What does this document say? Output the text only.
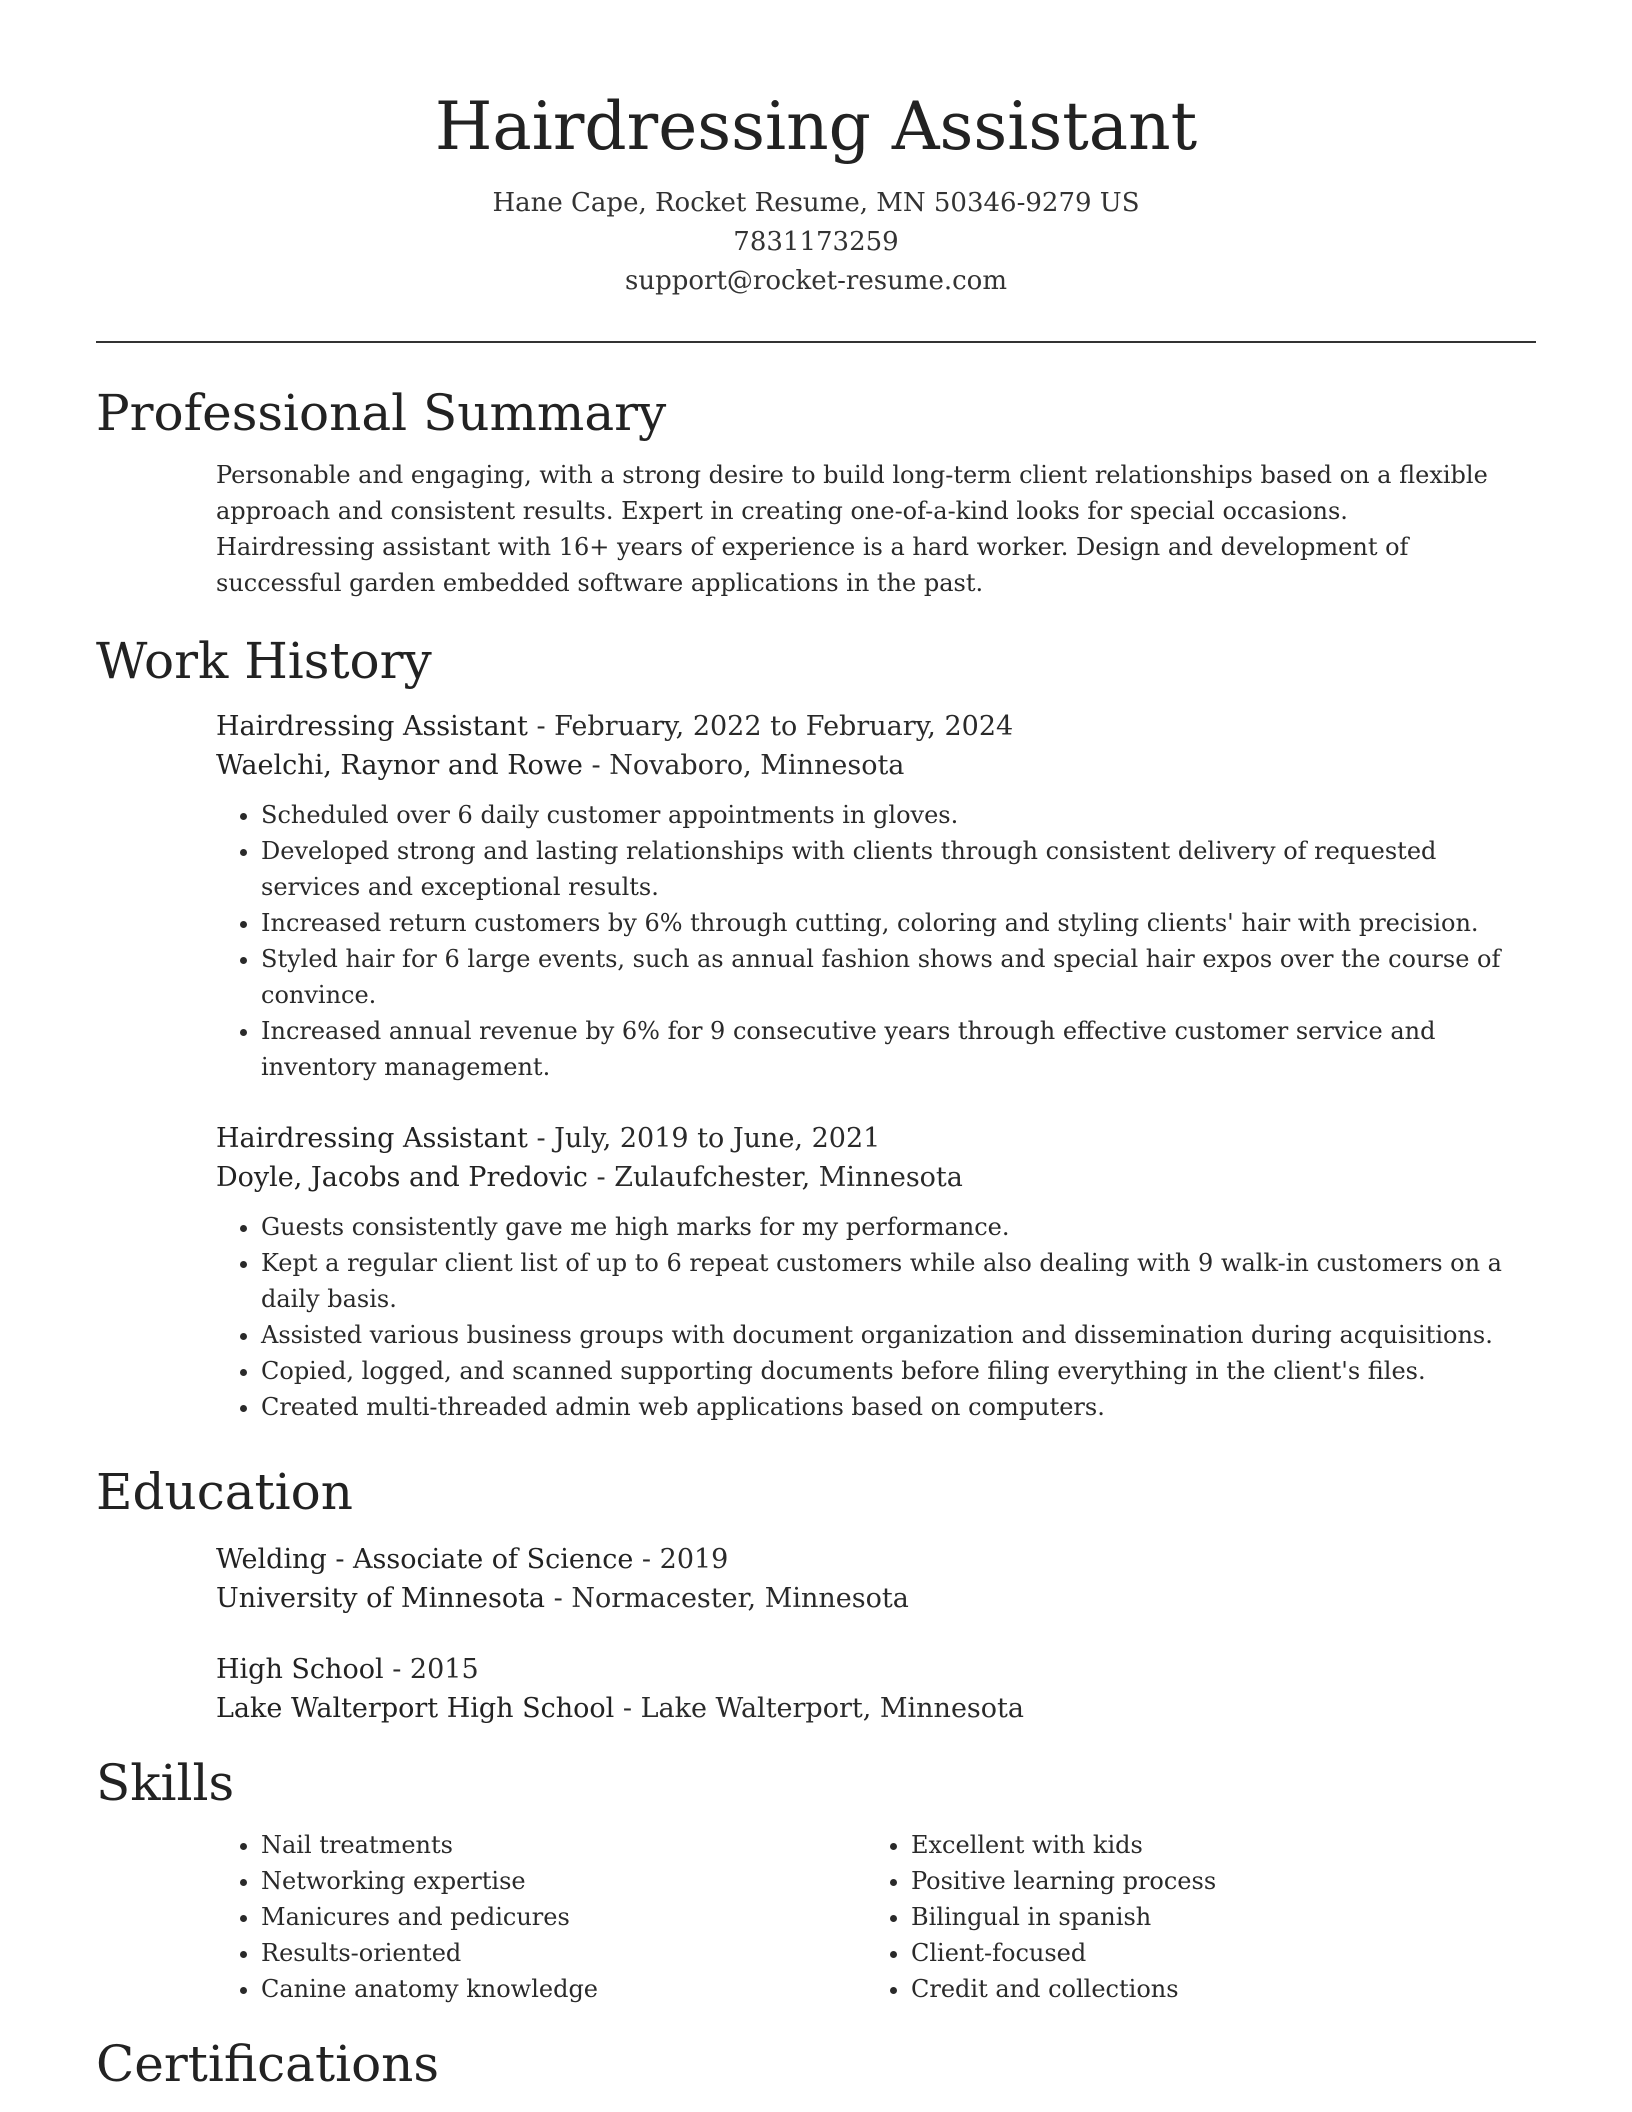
Hairdressing Assistant
Hane Cape, Rocket Resume, MN 50346-9279 US
7831173259
support@rocket-resume.com
Professional Summary
Personable and engaging, with a strong desire to build long-term client relationships based on a flexible approach and consistent results. Expert in creating one-of-a-kind looks for special occasions. Hairdressing assistant with 16+ years of experience is a hard worker. Design and development of successful garden embedded software applications in the past.
Work History
Hairdressing Assistant - February, 2022 to February, 2024
Waelchi, Raynor and Rowe - Novaboro, Minnesota
• Scheduled over 6 daily customer appointments in gloves.
• Developed strong and lasting relationships with clients through consistent delivery of requested services and exceptional results.
• Increased return customers by 6% through cutting, coloring and styling clients' hair with precision.
• Styled hair for 6 large events, such as annual fashion shows and special hair expos over the course of convince.
• Increased annual revenue by 6% for 9 consecutive years through effective customer service and inventory management.
Hairdressing Assistant - July, 2019 to June, 2021
Doyle, Jacobs and Predovic - Zulaufchester, Minnesota
• Guests consistently gave me high marks for my performance.
• Kept a regular client list of up to 6 repeat customers while also dealing with 9 walk-in customers on a daily basis.
• Assisted various business groups with document organization and dissemination during acquisitions.
• Copied, logged, and scanned supporting documents before filing everything in the client's files.
• Created multi-threaded admin web applications based on computers.
Education
Welding - Associate of Science - 2019
University of Minnesota - Normacester, Minnesota
High School - 2015
Lake Walterport High School - Lake Walterport, Minnesota
Skills
• Nail treatments
• Networking expertise
• Manicures and pedicures
• Results-oriented
• Canine anatomy knowledge
• Excellent with kids
• Positive learning process
• Bilingual in spanish
• Client-focused
• Credit and collections
Certifications
